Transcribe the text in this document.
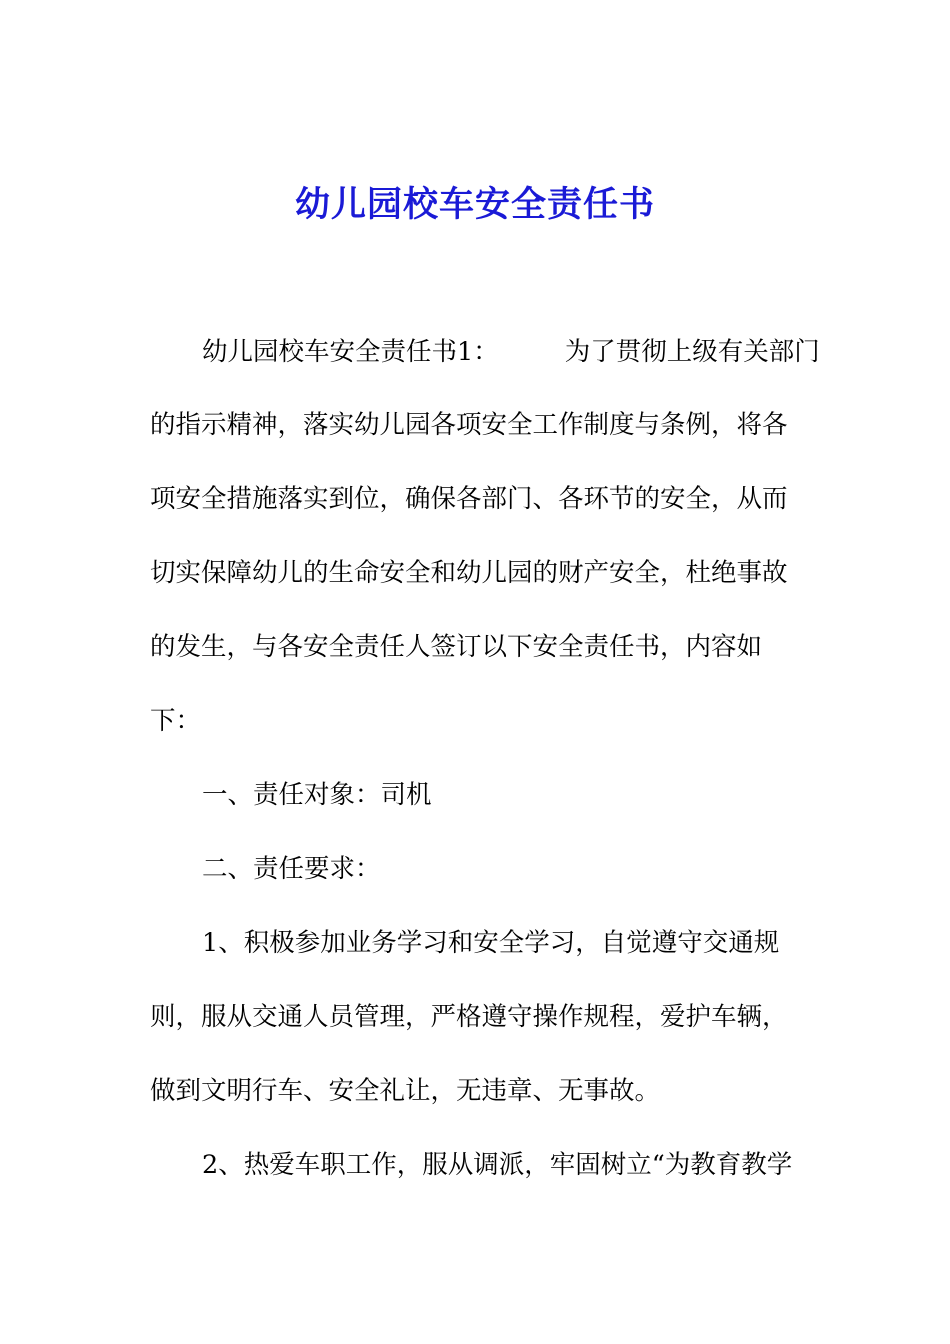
幼儿园校车安全责任书
幼儿园校车安全责任书1：	为了贯彻上级有关部门
的指示精神，落实幼儿园各项安全工作制度与条例，将各
项安全措施落实到位，确保各部门、各环节的安全，从而
切实保障幼儿的生命安全和幼儿园的财产安全，杜绝事故
的发生，与各安全责任人签订以下安全责任书，内容如
下：
一、责任对象：司机
二、责任要求：
1、积极参加业务学习和安全学习，自觉遵守交通规
则，服从交通人员管理，严格遵守操作规程，爱护车辆，
做到文明行车、安全礼让，无违章、无事故。
2、热爱车职工作，服从调派，牢固树立“为教育教学
